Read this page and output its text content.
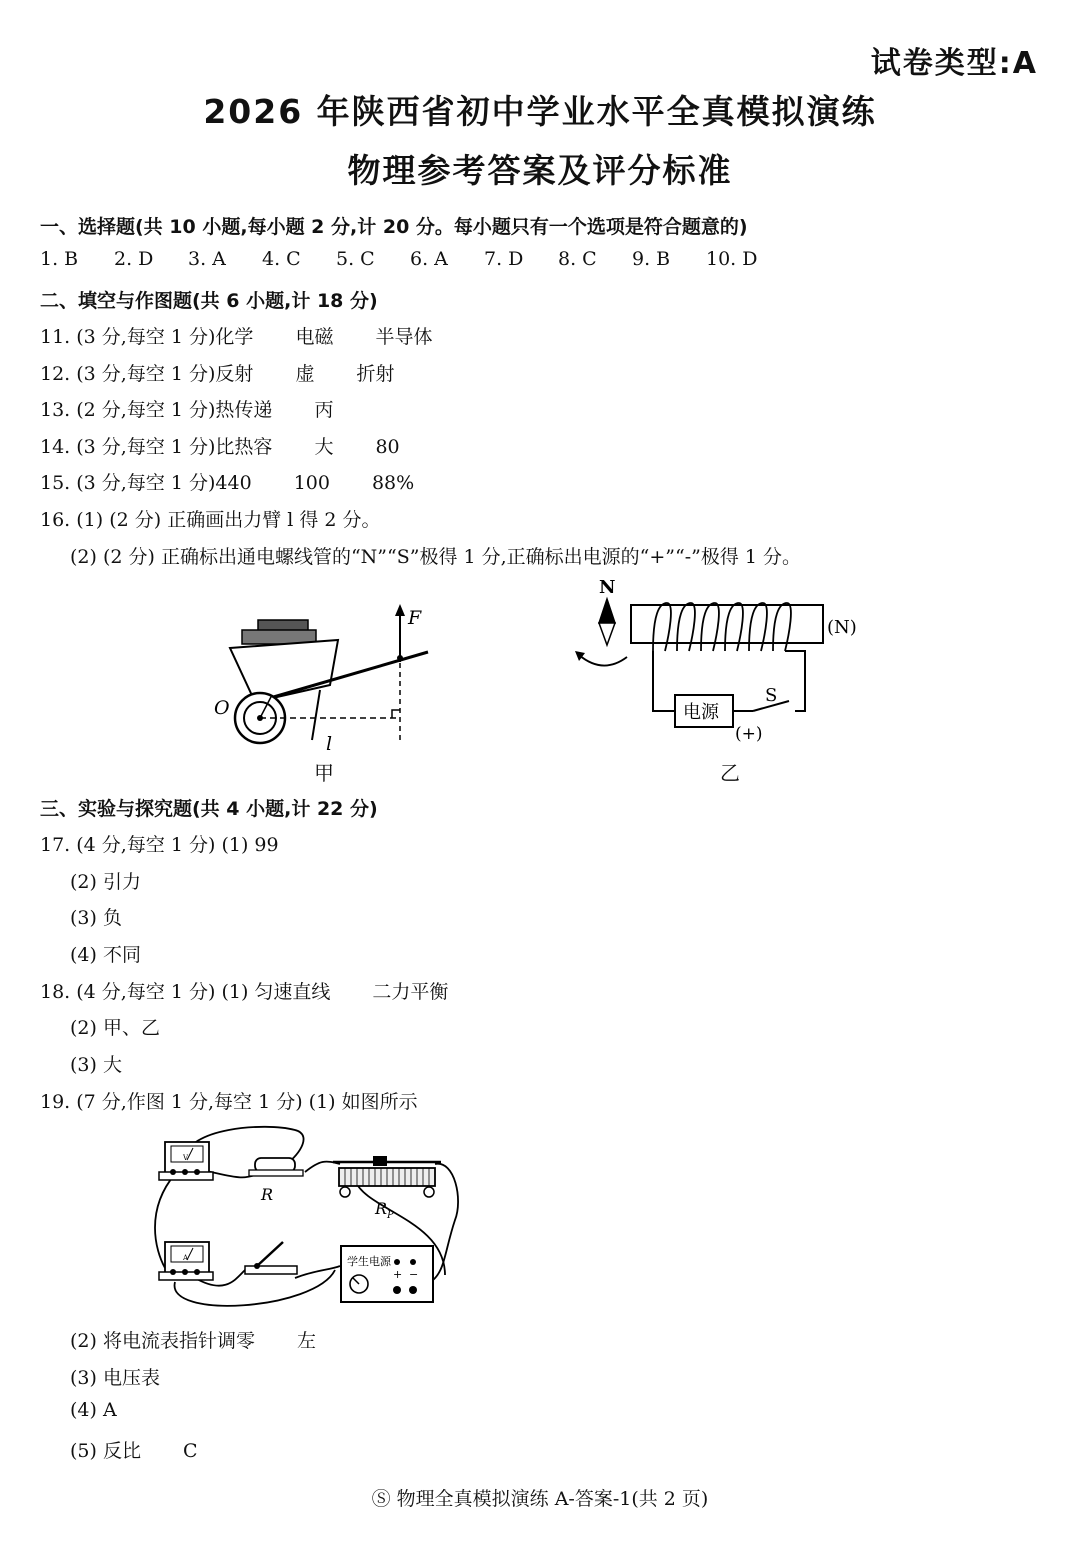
试卷类型:A
2026 年陕西省初中学业水平全真模拟演练
物理参考答案及评分标准
一、选择题(共 10 小题,每小题 2 分,计 20 分。每小题只有一个选项是符合题意的)
1. B 2. D 3. A 4. C 5. C 6. A 7. D 8. C 9. B 10. D
二、填空与作图题(共 6 小题,计 18 分)
11. (3 分,每空 1 分)化学 电磁 半导体
12. (3 分,每空 1 分)反射 虚 折射
13. (2 分,每空 1 分)热传递 丙
14. (3 分,每空 1 分)比热容 大 80
15. (3 分,每空 1 分)440 100 88%
16. (1) (2 分) 正确画出力臂 l 得 2 分。
(2) (2 分) 正确标出通电螺线管的“N”“S”极得 1 分,正确标出电源的“+”“-”极得 1 分。
F
O
l
甲
N
(N)
电源
S
(+)
乙
三、实验与探究题(共 4 小题,计 22 分)
17. (4 分,每空 1 分) (1) 99
(2) 引力
(3) 负
(4) 不同
18. (4 分,每空 1 分) (1) 匀速直线 二力平衡
(2) 甲、乙
(3) 大
19. (7 分,作图 1 分,每空 1 分) (1) 如图所示
V
R
$R_P$
A	学生电源
+ −
(2) 将电流表指针调零 左
(3) 电压表
(4) A
(5) 反比 C
Ⓢ 物理全真模拟演练 A-答案-1(共 2 页)
